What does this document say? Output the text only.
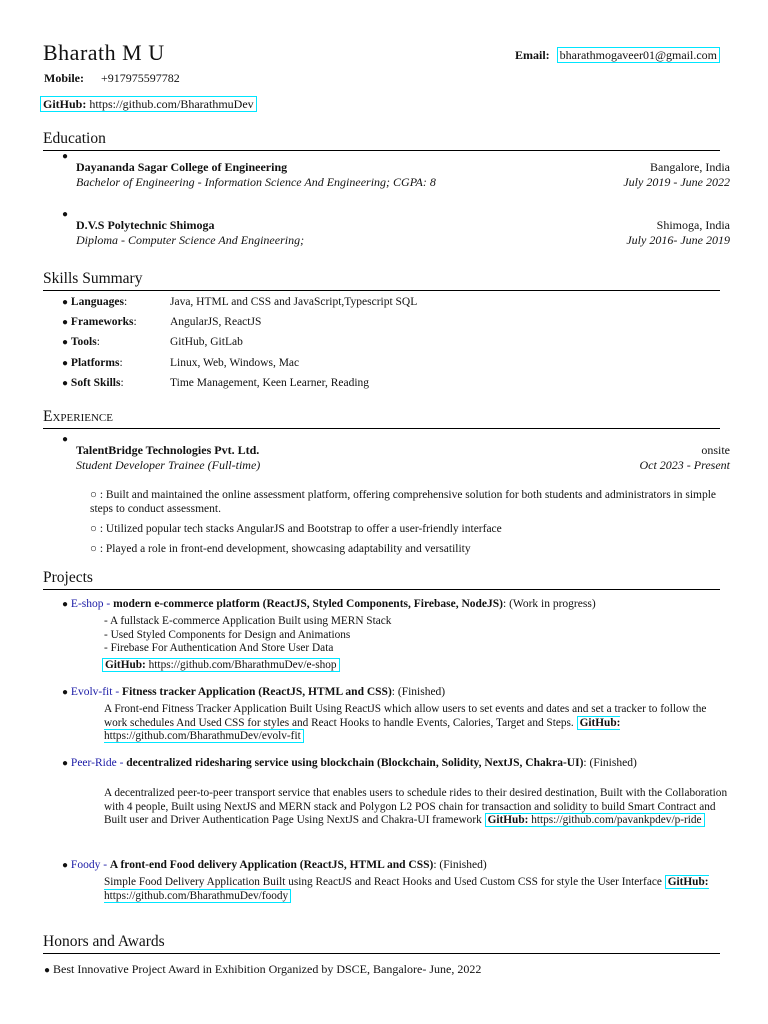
Bharath M U	Email: bharathmogaveer01@gmail.com
Mobile: +917975597782
GitHub: https://github.com/BharathmuDev
Education
●
Dayananda Sagar College of Engineering	Bangalore, India
Bachelor of Engineering - Information Science And Engineering; CGPA: 8	July 2019 - June 2022
●
D.V.S Polytechnic Shimoga	Shimoga, India
Diploma - Computer Science And Engineering;	July 2016- June 2019
Skills Summary
● Languages:	Java, HTML and CSS and JavaScript,Typescript SQL
● Frameworks:	AngularJS, ReactJS
● Tools:	GitHub, GitLab
● Platforms:	Linux, Web, Windows, Mac
● Soft Skills:	Time Management, Keen Learner, Reading
Experience
●
TalentBridge Technologies Pvt. Ltd.	onsite
Student Developer Trainee (Full-time)	Oct 2023 - Present
○ : Built and maintained the online assessment platform, offering comprehensive solution for both students and administrators in simple steps to conduct assessment.
○ : Utilized popular tech stacks AngularJS and Bootstrap to offer a user-friendly interface
○ : Played a role in front-end development, showcasing adaptability and versatility
Projects
● E-shop - modern e-commerce platform (ReactJS, Styled Components, Firebase, NodeJS): (Work in progress)
- A fullstack E-commerce Application Built using MERN Stack
- Used Styled Components for Design and Animations
- Firebase For Authentication And Store User Data
GitHub: https://github.com/BharathmuDev/e-shop
● Evolv-fit - Fitness tracker Application (ReactJS, HTML and CSS): (Finished)
A Front-end Fitness Tracker Application Built Using ReactJS which allow users to set events and dates and set a tracker to follow the work schedules And Used CSS for styles and React Hooks to handle Events, Calories, Target and Steps. GitHub: https://github.com/BharathmuDev/evolv-fit
● Peer-Ride - decentralized ridesharing service using blockchain (Blockchain, Solidity, NextJS, Chakra-UI): (Finished)
A decentralized peer-to-peer transport service that enables users to schedule rides to their desired destination, Built with the Collaboration with 4 people, Built using NextJS and MERN stack and Polygon L2 POS chain for transaction and solidity to build Smart Contract and Built user and Driver Authentication Page Using NextJS and Chakra-UI framework GitHub: https://github.com/pavankpdev/p-ride
● Foody - A front-end Food delivery Application (ReactJS, HTML and CSS): (Finished)
Simple Food Delivery Application Built using ReactJS and React Hooks and Used Custom CSS for style the User Interface GitHub: https://github.com/BharathmuDev/foody
Honors and Awards
● Best Innovative Project Award in Exhibition Organized by DSCE, Bangalore- June, 2022
